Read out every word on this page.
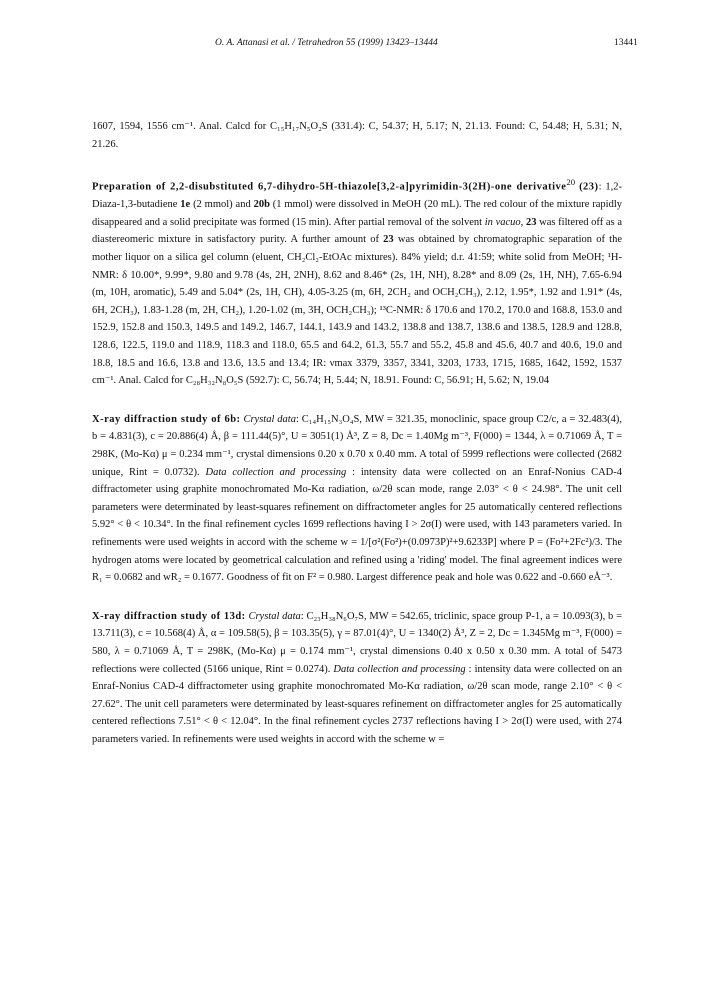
O. A. Attanasi et al. / Tetrahedron 55 (1999) 13423–13444	13441

1607, 1594, 1556 cm⁻¹. Anal. Calcd for C₁₅H₁₇N₅O₂S (331.4): C, 54.37; H, 5.17; N, 21.13. Found: C, 54.48; H, 5.31; N, 21.26.

Preparation of 2,2-disubstituted 6,7-dihydro-5H-thiazole[3,2-a]pyrimidin-3(2H)-one derivative$^{20}$ (23): 1,2-Diaza-1,3-butadiene 1e (2 mmol) and 20b (1 mmol) were dissolved in MeOH (20 mL). The red colour of the mixture rapidly disappeared and a solid precipitate was formed (15 min). After partial removal of the solvent in vacuo, 23 was filtered off as a diastereomeric mixture in satisfactory purity. A further amount of 23 was obtained by chromatographic separation of the mother liquor on a silica gel column (eluent, CH₂Cl₂-EtOAc mixtures). 84% yield; d.r. 41:59; white solid from MeOH; ¹H-NMR: δ 10.00*, 9.99*, 9.80 and 9.78 (4s, 2H, 2NH), 8.62 and 8.46* (2s, 1H, NH), 8.28* and 8.09 (2s, 1H, NH), 7.65-6.94 (m, 10H, aromatic), 5.49 and 5.04* (2s, 1H, CH), 4.05-3.25 (m, 6H, 2CH₂ and OCH₂CH₃), 2.12, 1.95*, 1.92 and 1.91* (4s, 6H, 2CH₃), 1.83-1.28 (m, 2H, CH₂), 1.20-1.02 (m, 3H, OCH₂CH₃); ¹³C-NMR: δ 170.6 and 170.2, 170.0 and 168.8, 153.0 and 152.9, 152.8 and 150.3, 149.5 and 149.2, 146.7, 144.1, 143.9 and 143.2, 138.8 and 138.7, 138.6 and 138.5, 128.9 and 128.8, 128.6, 122.5, 119.0 and 118.9, 118.3 and 118.0, 65.5 and 64.2, 61.3, 55.7 and 55.2, 45.8 and 45.6, 40.7 and 40.6, 19.0 and 18.8, 18.5 and 16.6, 13.8 and 13.6, 13.5 and 13.4; IR: νmax 3379, 3357, 3341, 3203, 1733, 1715, 1685, 1642, 1592, 1537 cm⁻¹. Anal. Calcd for C₂₈H₃₂N₈O₅S (592.7): C, 56.74; H, 5.44; N, 18.91. Found: C, 56.91; H, 5.62; N, 19.04

X-ray diffraction study of 6b: Crystal data: C₁₄H₁₅N₃O₄S, MW = 321.35, monoclinic, space group C2/c, a = 32.483(4), b = 4.831(3), c = 20.886(4) Å, β = 111.44(5)°, U = 3051(1) Å³, Z = 8, Dc = 1.40Mg m⁻³, F(000) = 1344, λ = 0.71069 Å, T = 298K, (Mo-Kα) μ = 0.234 mm⁻¹, crystal dimensions 0.20 x 0.70 x 0.40 mm. A total of 5999 reflections were collected (2682 unique, Rint = 0.0732). Data collection and processing : intensity data were collected on an Enraf-Nonius CAD-4 diffractometer using graphite monochromated Mo-Kα radiation, ω/2θ scan mode, range 2.03° < θ < 24.98°. The unit cell parameters were determinated by least-squares refinement on diffractometer angles for 25 automatically centered reflections 5.92° < θ < 10.34°. In the final refinement cycles 1699 reflections having I > 2σ(I) were used, with 143 parameters varied. In refinements were used weights in accord with the scheme w = 1/[σ²(Fo²)+(0.0973P)²+9.6233P] where P = (Fo²+2Fc²)/3. The hydrogen atoms were located by geometrical calculation and refined using a 'riding' model. The final agreement indices were R₁ = 0.0682 and wR₂ = 0.1677. Goodness of fit on F² = 0.980. Largest difference peak and hole was 0.622 and -0.660 eÅ⁻³.

X-ray diffraction study of 13d: Crystal data: C₂₃H₃₈N₆O₇S, MW = 542.65, triclinic, space group P-1, a = 10.093(3), b = 13.711(3), c = 10.568(4) Å, α = 109.58(5), β = 103.35(5), γ = 87.01(4)°, U = 1340(2) Å³, Z = 2, Dc = 1.345Mg m⁻³, F(000) = 580, λ = 0.71069 Å, T = 298K, (Mo-Kα) μ = 0.174 mm⁻¹, crystal dimensions 0.40 x 0.50 x 0.30 mm. A total of 5473 reflections were collected (5166 unique, Rint = 0.0274). Data collection and processing : intensity data were collected on an Enraf-Nonius CAD-4 diffractometer using graphite monochromated Mo-Kα radiation, ω/2θ scan mode, range 2.10° < θ < 27.62°. The unit cell parameters were determinated by least-squares refinement on diffractometer angles for 25 automatically centered reflections 7.51° < θ < 12.04°. In the final refinement cycles 2737 reflections having I > 2σ(I) were used, with 274 parameters varied. In refinements were used weights in accord with the scheme w =
